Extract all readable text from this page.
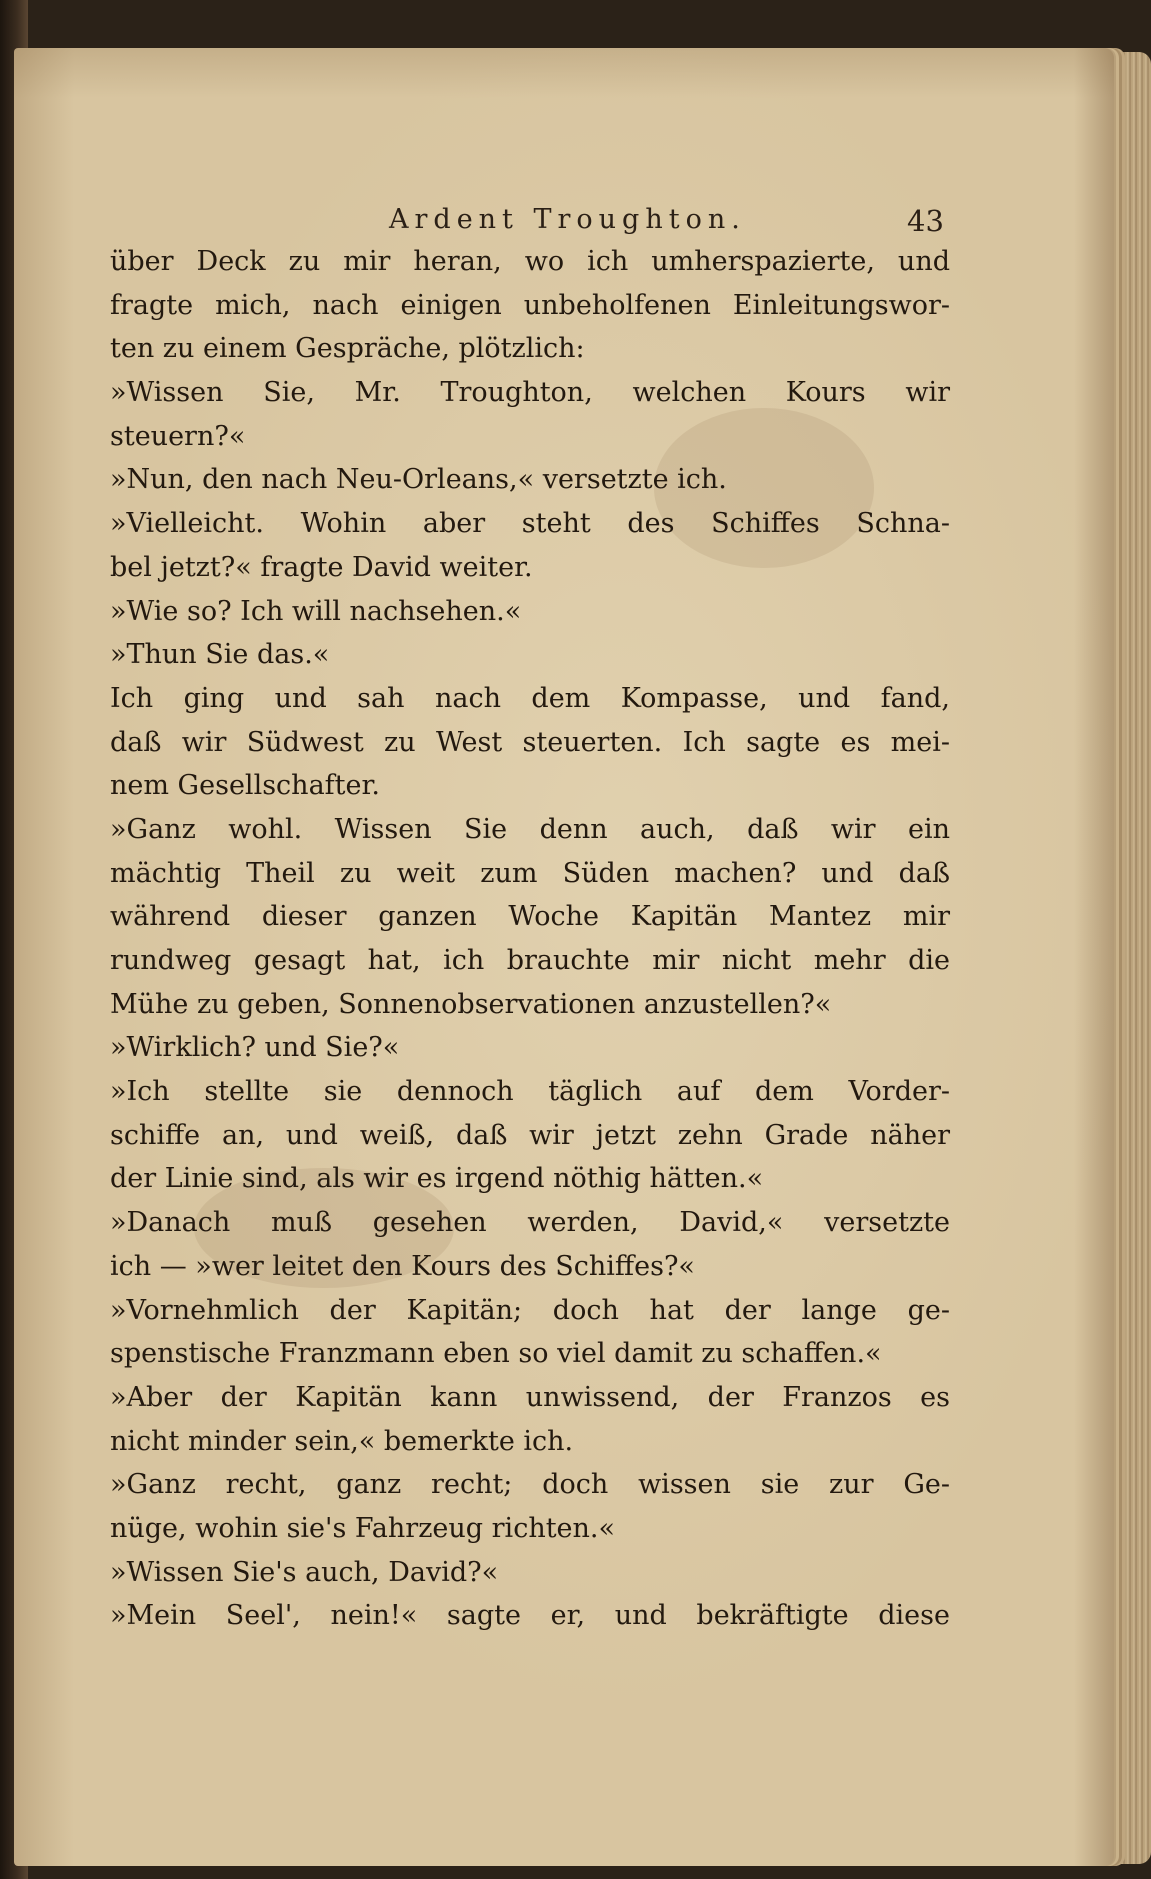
Ardent Troughton.	43
über Deck zu mir heran, wo ich umherspazierte, und
fragte mich, nach einigen unbeholfenen Einleitungswor-
ten zu einem Gespräche, plötzlich:
»Wissen Sie, Mr. Troughton, welchen Kours wir
steuern?«
»Nun, den nach Neu-Orleans,« versetzte ich.
»Vielleicht. Wohin aber steht des Schiffes Schna-
bel jetzt?« fragte David weiter.
»Wie so? Ich will nachsehen.«
»Thun Sie das.«
Ich ging und sah nach dem Kompasse, und fand,
daß wir Südwest zu West steuerten. Ich sagte es mei-
nem Gesellschafter.
»Ganz wohl. Wissen Sie denn auch, daß wir ein
mächtig Theil zu weit zum Süden machen? und daß
während dieser ganzen Woche Kapitän Mantez mir
rundweg gesagt hat, ich brauchte mir nicht mehr die
Mühe zu geben, Sonnenobservationen anzustellen?«
»Wirklich? und Sie?«
»Ich stellte sie dennoch täglich auf dem Vorder-
schiffe an, und weiß, daß wir jetzt zehn Grade näher
der Linie sind, als wir es irgend nöthig hätten.«
»Danach muß gesehen werden, David,« versetzte
ich — »wer leitet den Kours des Schiffes?«
»Vornehmlich der Kapitän; doch hat der lange ge-
spenstische Franzmann eben so viel damit zu schaffen.«
»Aber der Kapitän kann unwissend, der Franzos es
nicht minder sein,« bemerkte ich.
»Ganz recht, ganz recht; doch wissen sie zur Ge-
nüge, wohin sie's Fahrzeug richten.«
»Wissen Sie's auch, David?«
»Mein Seel', nein!« sagte er, und bekräftigte diese
